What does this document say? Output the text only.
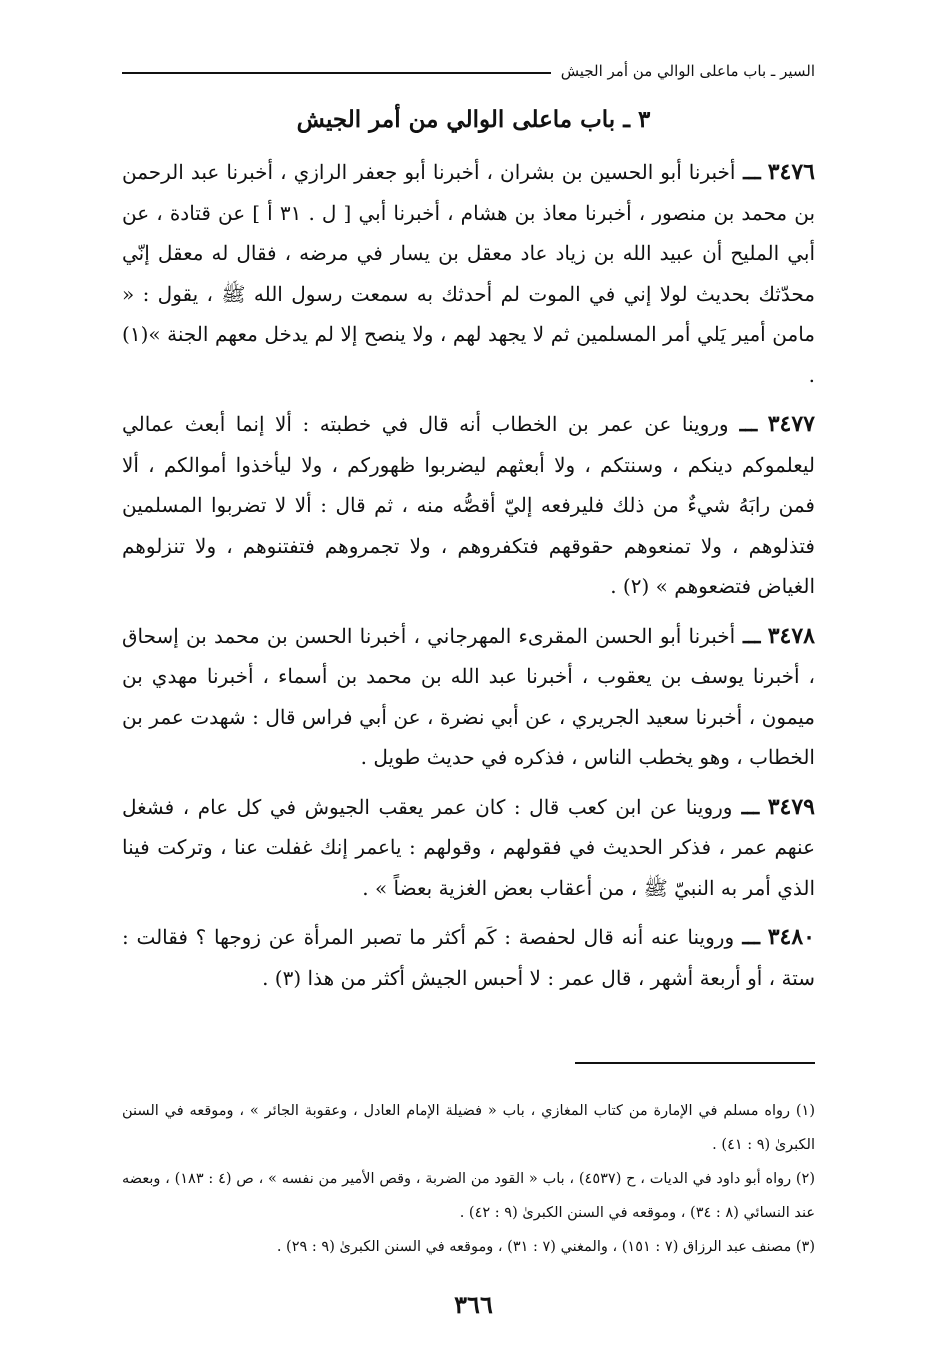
السير ـ باب ماعلى الوالي من أمر الجيش
٣ ـ باب ماعلى الوالي من أمر الجيش

٣٤٧٦ ـــ أخبرنا أبو الحسين بن بشران ، أخبرنا أبو جعفر الرازي ، أخبرنا عبد الرحمن بن محمد بن منصور ، أخبرنا معاذ بن هشام ، أخبرنا أبي [ ل . ٣١ أ ] عن قتادة ، عن أبي المليح أن عبيد الله بن زياد عاد معقل بن يسار في مرضه ، فقال له معقل إنّي محدّثك بحديث لولا إني في الموت لم أحدثك به سمعت رسول الله ﷺ ، يقول : « مامن أمير يَلي أمر المسلمين ثم لا يجهد لهم ، ولا ينصح إلا لم يدخل معهم الجنة »(١) .

٣٤٧٧ ـــ وروينا عن عمر بن الخطاب أنه قال في خطبته : ألا إنما أبعث عمالي ليعلموكم دينكم ، وسنتكم ، ولا أبعثهم ليضربوا ظهوركم ، ولا ليأخذوا أموالكم ، ألا فمن رابَهُ شيءٌ من ذلك فليرفعه إليّ أقصُّه منه ، ثم قال : ألا لا تضربوا المسلمين فتذلوهم ، ولا تمنعوهم حقوقهم فتكفروهم ، ولا تجمروهم فتفتنوهم ، ولا تنزلوهم الغياض فتضعوهم » (٢) .

٣٤٧٨ ـــ أخبرنا أبو الحسن المقرىء المهرجاني ، أخبرنا الحسن بن محمد بن إسحاق ، أخبرنا يوسف بن يعقوب ، أخبرنا عبد الله بن محمد بن أسماء ، أخبرنا مهدي بن ميمون ، أخبرنا سعيد الجريري ، عن أبي نضرة ، عن أبي فراس قال : شهدت عمر بن الخطاب ، وهو يخطب الناس ، فذكره في حديث طويل .

٣٤٧٩ ـــ وروينا عن ابن كعب قال : كان عمر يعقب الجيوش في كل عام ، فشغل عنهم عمر ، فذكر الحديث في فقولهم ، وقولهم : ياعمر إنك غفلت عنا ، وتركت فينا الذي أمر به النبيّ ﷺ ، من أعقاب بعض الغزية بعضاً » .

٣٤٨٠ ـــ وروينا عنه أنه قال لحفصة : كَم أكثر ما تصبر المرأة عن زوجها ؟ فقالت : ستة ، أو أربعة أشهر ، قال عمر : لا أحبس الجيش أكثر من هذا (٣) .

(١) رواه مسلم في الإمارة من كتاب المغازي ، باب « فضيلة الإمام العادل ، وعقوبة الجائر » ، وموقعه في السنن الكبرىٰ (٩ : ٤١) .

(٢) رواه أبو داود في الديات ، ح (٤٥٣٧) ، باب « القود من الضربة ، وقص الأمير من نفسه » ، ص (٤ : ١٨٣) ، وبعضه عند النسائي (٨ : ٣٤) ، وموقعه في السنن الكبرىٰ (٩ : ٤٢) .

(٣) مصنف عبد الرزاق (٧ : ١٥١) ، والمغني (٧ : ٣١) ، وموقعه في السنن الكبرىٰ (٩ : ٢٩) .

٣٦٦
